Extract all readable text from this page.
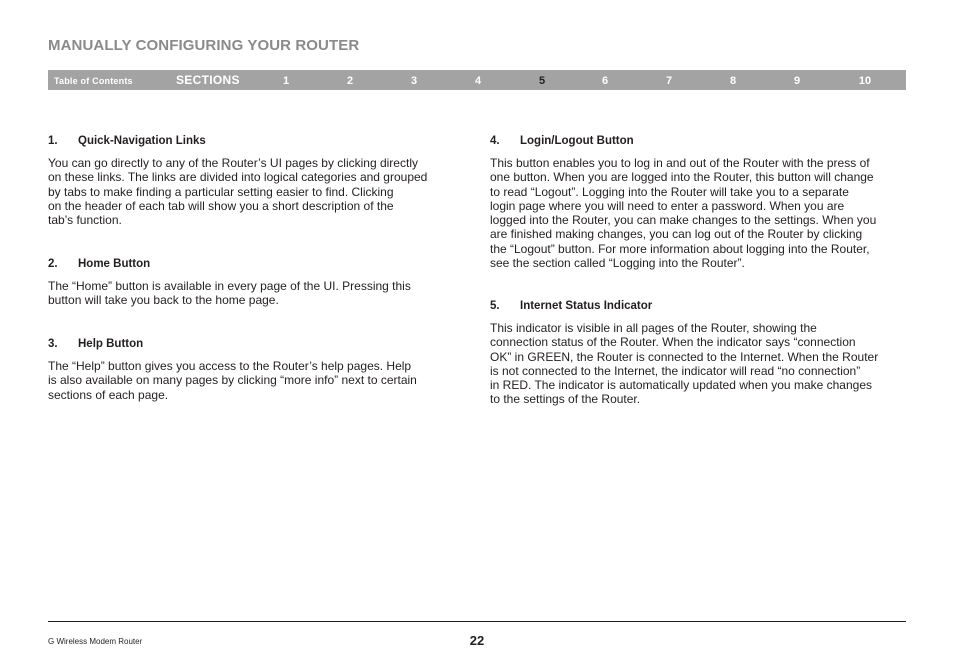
MANUALLY CONFIGURING YOUR ROUTER
Table of Contents	SECTIONS	1	2	3	4	5	6	7	8	9	10
1.	Quick-Navigation Links
You can go directly to any of the Router’s UI pages by clicking directly
on these links. The links are divided into logical categories and grouped
by tabs to make finding a particular setting easier to find. Clicking
on the header of each tab will show you a short description of the
tab’s function.
2.	Home Button
The “Home” button is available in every page of the UI. Pressing this
button will take you back to the home page.
3.	Help Button
The “Help” button gives you access to the Router’s help pages. Help
is also available on many pages by clicking “more info” next to certain
sections of each page.
4.	Login/Logout Button
This button enables you to log in and out of the Router with the press of
one button. When you are logged into the Router, this button will change
to read “Logout”. Logging into the Router will take you to a separate
login page where you will need to enter a password. When you are
logged into the Router, you can make changes to the settings. When you
are finished making changes, you can log out of the Router by clicking
the “Logout” button. For more information about logging into the Router,
see the section called “Logging into the Router”.
5.	Internet Status Indicator
This indicator is visible in all pages of the Router, showing the
connection status of the Router. When the indicator says “connection
OK” in GREEN, the Router is connected to the Internet. When the Router
is not connected to the Internet, the indicator will read “no connection”
in RED. The indicator is automatically updated when you make changes
to the settings of the Router.
G Wireless Modem Router	22
